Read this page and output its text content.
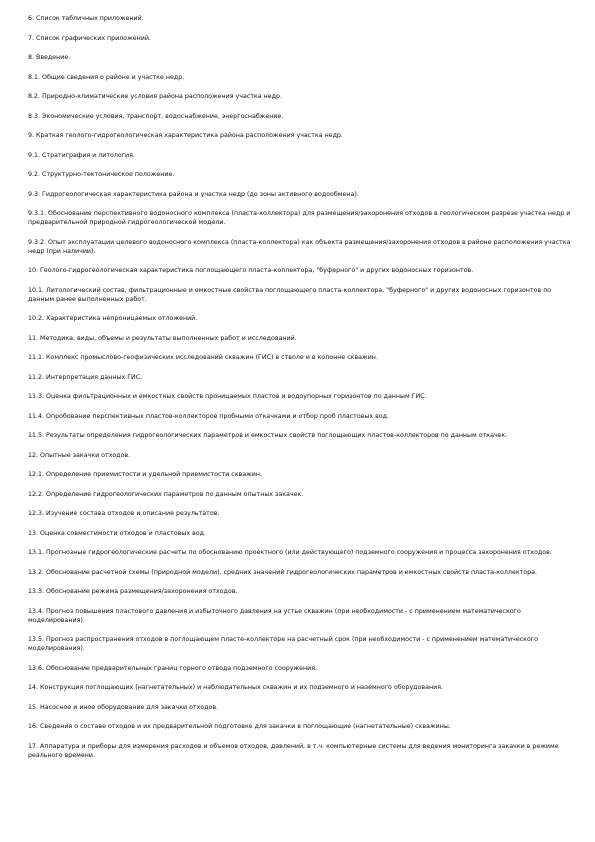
6. Список табличных приложений.
7. Список графических приложений.
8. Введение.
8.1. Общие сведения о районе и участке недр.
8.2. Природно-климатические условия района расположения участка недр.
8.3. Экономические условия, транспорт, водоснабжение, энергоснабжение.
9. Краткая геолого-гидрогеологическая характеристика района расположения участка недр.
9.1. Стратиграфия и литология.
9.2. Структурно-тектоническое положение.
9.3. Гидрогеологическая характеристика района и участка недр (до зоны активного водообмена).
9.3.1. Обоснование перспективного водоносного комплекса (пласта-коллектора) для размещения/захоронения отходов в геологическом разрезе участка недр и предварительной природной гидрогеологической модели.
9.3.2. Опыт эксплуатации целевого водоносного комплекса (пласта-коллектора) как объекта размещения/захоронения отходов в районе расположения участка недр (при наличии).
10. Геолого-гидрогеологическая характеристика поглощающего пласта-коллектора, "буферного" и других водоносных горизонтов.
10.1. Литологический состав, фильтрационные и емкостные свойства поглощающего пласта-коллектора, "буферного" и других водоносных горизонтов по данным ранее выполненных работ.
10.2. Характеристика непроницаемых отложений.
11. Методика, виды, объемы и результаты выполненных работ и исследований.
11.1. Комплекс промыслово-геофизических исследований скважин (ГИС) в стволе и в колонне скважин.
11.2. Интерпретация данных ГИС.
11.3. Оценка фильтрационных и емкостных свойств проницаемых пластов и водоупорных горизонтов по данным ГИС.
11.4. Опробование перспективных пластов-коллекторов пробными откачками и отбор проб пластовых вод.
11.5. Результаты определения гидрогеологических параметров и емкостных свойств поглощающих пластов-коллекторов по данным откачек.
12. Опытные закачки отходов.
12.1. Определение приемистости и удельной приемистости скважин.
12.2. Определение гидрогеологических параметров по данным опытных закачек.
12.3. Изучение состава отходов и описание результатов.
13. Оценка совместимости отходов и пластовых вод.
13.1. Прогнозные гидрогеологические расчеты по обоснованию проектного (или действующего) подземного сооружения и процесса захоронения отходов.
13.2. Обоснование расчетной схемы (природной модели), средних значений гидрогеологических параметров и емкостных свойств пласта-коллектора.
13.3. Обоснование режима размещения/захоронения отходов.
13.4. Прогноз повышения пластового давления и избыточного давления на устье скважин (при необходимости - с применением математического моделирования).
13.5. Прогноз распространения отходов в поглощающем пласте-коллекторе на расчетный срок (при необходимости - с применением математического моделирования).
13.6. Обоснование предварительных границ горного отвода подземного сооружения.
14. Конструкция поглощающих (нагнетательных) и наблюдательных скважин и их подземного и наземного оборудования.
15. Насосное и иное оборудование для закачки отходов.
16. Сведения о составе отходов и их предварительной подготовке для закачки в поглощающие (нагнетательные) скважины.
17. Аппаратура и приборы для измерения расходов и объемов отходов, давлений, в т.ч. компьютерные системы для ведения мониторинга закачки в режиме реального времени.
